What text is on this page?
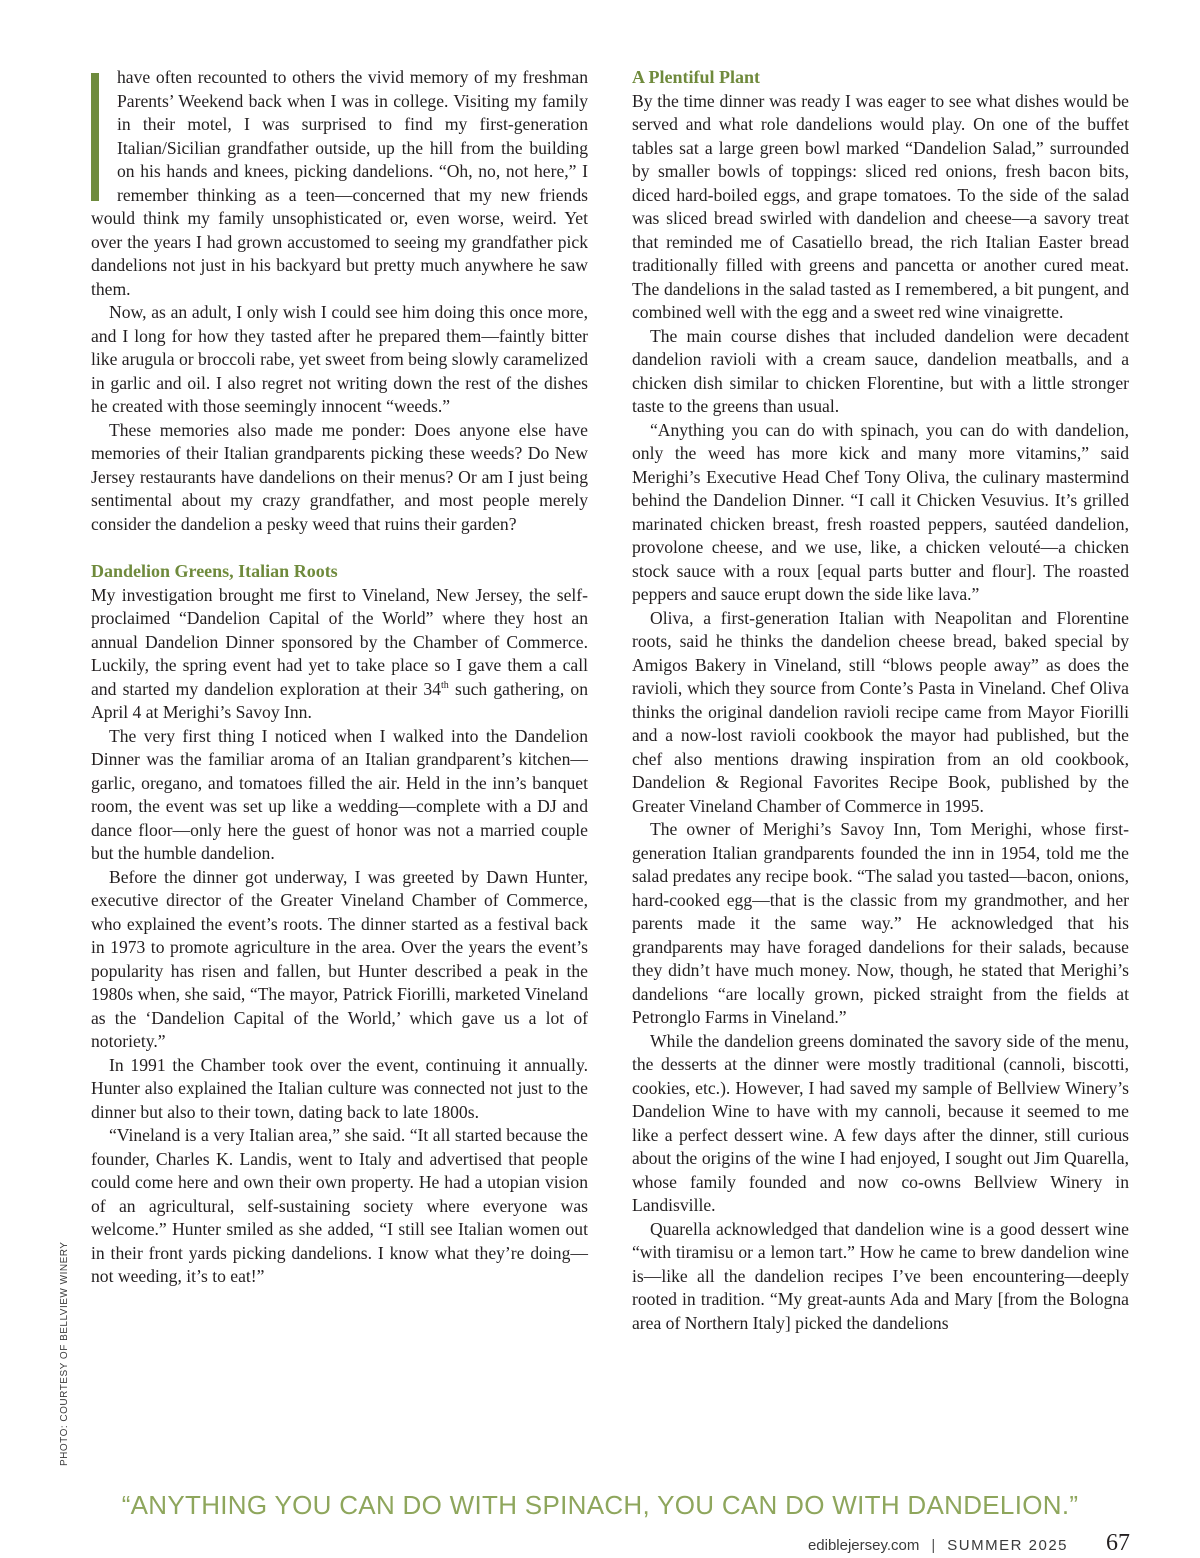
have often recounted to others the vivid memory of my freshman Parents’ Weekend back when I was in college. Visiting my family in their motel, I was surprised to find my first-generation Italian/Sicilian grandfather outside, up the hill from the building on his hands and knees, picking dandelions. “Oh, no, not here,” I remember thinking as a teen—concerned that my new friends would think my family unsophisticated or, even worse, weird. Yet over the years I had grown accustomed to seeing my grandfather pick dandelions not just in his backyard but pretty much anywhere he saw them.

Now, as an adult, I only wish I could see him doing this once more, and I long for how they tasted after he prepared them—faintly bitter like arugula or broccoli rabe, yet sweet from being slowly caramelized in garlic and oil. I also regret not writing down the rest of the dishes he created with those seemingly innocent “weeds.”

These memories also made me ponder: Does anyone else have memories of their Italian grandparents picking these weeds? Do New Jersey restaurants have dandelions on their menus? Or am I just being sentimental about my crazy grandfather, and most people merely consider the dandelion a pesky weed that ruins their garden?

Dandelion Greens, Italian Roots

My investigation brought me first to Vineland, New Jersey, the self-proclaimed “Dandelion Capital of the World” where they host an annual Dandelion Dinner sponsored by the Chamber of Commerce. Luckily, the spring event had yet to take place so I gave them a call and started my dandelion exploration at their 34th such gathering, on April 4 at Merighi’s Savoy Inn.

The very first thing I noticed when I walked into the Dandelion Dinner was the familiar aroma of an Italian grandparent’s kitchen—garlic, oregano, and tomatoes filled the air. Held in the inn’s banquet room, the event was set up like a wedding—complete with a DJ and dance floor—only here the guest of honor was not a married couple but the humble dandelion.

Before the dinner got underway, I was greeted by Dawn Hunter, executive director of the Greater Vineland Chamber of Commerce, who explained the event’s roots. The dinner started as a festival back in 1973 to promote agriculture in the area. Over the years the event’s popularity has risen and fallen, but Hunter described a peak in the 1980s when, she said, “The mayor, Patrick Fiorilli, marketed Vineland as the ‘Dandelion Capital of the World,’ which gave us a lot of notoriety.”

In 1991 the Chamber took over the event, continuing it annually. Hunter also explained the Italian culture was connected not just to the dinner but also to their town, dating back to late 1800s.

“Vineland is a very Italian area,” she said. “It all started because the founder, Charles K. Landis, went to Italy and advertised that people could come here and own their own property. He had a utopian vision of an agricultural, self-sustaining society where everyone was welcome.” Hunter smiled as she added, “I still see Italian women out in their front yards picking dandelions. I know what they’re doing—not weeding, it’s to eat!”

A Plentiful Plant

By the time dinner was ready I was eager to see what dishes would be served and what role dandelions would play. On one of the buffet tables sat a large green bowl marked “Dandelion Salad,” surrounded by smaller bowls of toppings: sliced red onions, fresh bacon bits, diced hard-boiled eggs, and grape tomatoes. To the side of the salad was sliced bread swirled with dandelion and cheese—a savory treat that reminded me of Casatiello bread, the rich Italian Easter bread traditionally filled with greens and pancetta or another cured meat. The dandelions in the salad tasted as I remembered, a bit pungent, and combined well with the egg and a sweet red wine vinaigrette.

The main course dishes that included dandelion were decadent dandelion ravioli with a cream sauce, dandelion meatballs, and a chicken dish similar to chicken Florentine, but with a little stronger taste to the greens than usual.

“Anything you can do with spinach, you can do with dandelion, only the weed has more kick and many more vitamins,” said Merighi’s Executive Head Chef Tony Oliva, the culinary mastermind behind the Dandelion Dinner. “I call it Chicken Vesuvius. It’s grilled marinated chicken breast, fresh roasted peppers, sautéed dandelion, provolone cheese, and we use, like, a chicken velouté—a chicken stock sauce with a roux [equal parts butter and flour]. The roasted peppers and sauce erupt down the side like lava.”

Oliva, a first-generation Italian with Neapolitan and Florentine roots, said he thinks the dandelion cheese bread, baked special by Amigos Bakery in Vineland, still “blows people away” as does the ravioli, which they source from Conte’s Pasta in Vineland. Chef Oliva thinks the original dandelion ravioli recipe came from Mayor Fiorilli and a now-lost ravioli cookbook the mayor had published, but the chef also mentions drawing inspiration from an old cookbook, Dandelion & Regional Favorites Recipe Book, published by the Greater Vineland Chamber of Commerce in 1995.

The owner of Merighi’s Savoy Inn, Tom Merighi, whose first-generation Italian grandparents founded the inn in 1954, told me the salad predates any recipe book. “The salad you tasted—bacon, onions, hard-cooked egg—that is the classic from my grandmother, and her parents made it the same way.” He acknowledged that his grandparents may have foraged dandelions for their salads, because they didn’t have much money. Now, though, he stated that Merighi’s dandelions “are locally grown, picked straight from the fields at Petronglo Farms in Vineland.”

While the dandelion greens dominated the savory side of the menu, the desserts at the dinner were mostly traditional (cannoli, biscotti, cookies, etc.). However, I had saved my sample of Bellview Winery’s Dandelion Wine to have with my cannoli, because it seemed to me like a perfect dessert wine. A few days after the dinner, still curious about the origins of the wine I had enjoyed, I sought out Jim Quarella, whose family founded and now co-owns Bellview Winery in Landisville.

Quarella acknowledged that dandelion wine is a good dessert wine “with tiramisu or a lemon tart.” How he came to brew dandelion wine is—like all the dandelion recipes I’ve been encountering—deeply rooted in tradition. “My great-aunts Ada and Mary [from the Bologna area of Northern Italy] picked the dandelions

PHOTO: COURTESY OF BELLVIEW WINERY
“ANYTHING YOU CAN DO WITH SPINACH, YOU CAN DO WITH DANDELION.”
ediblejersey.com | SUMMER 2025 67
